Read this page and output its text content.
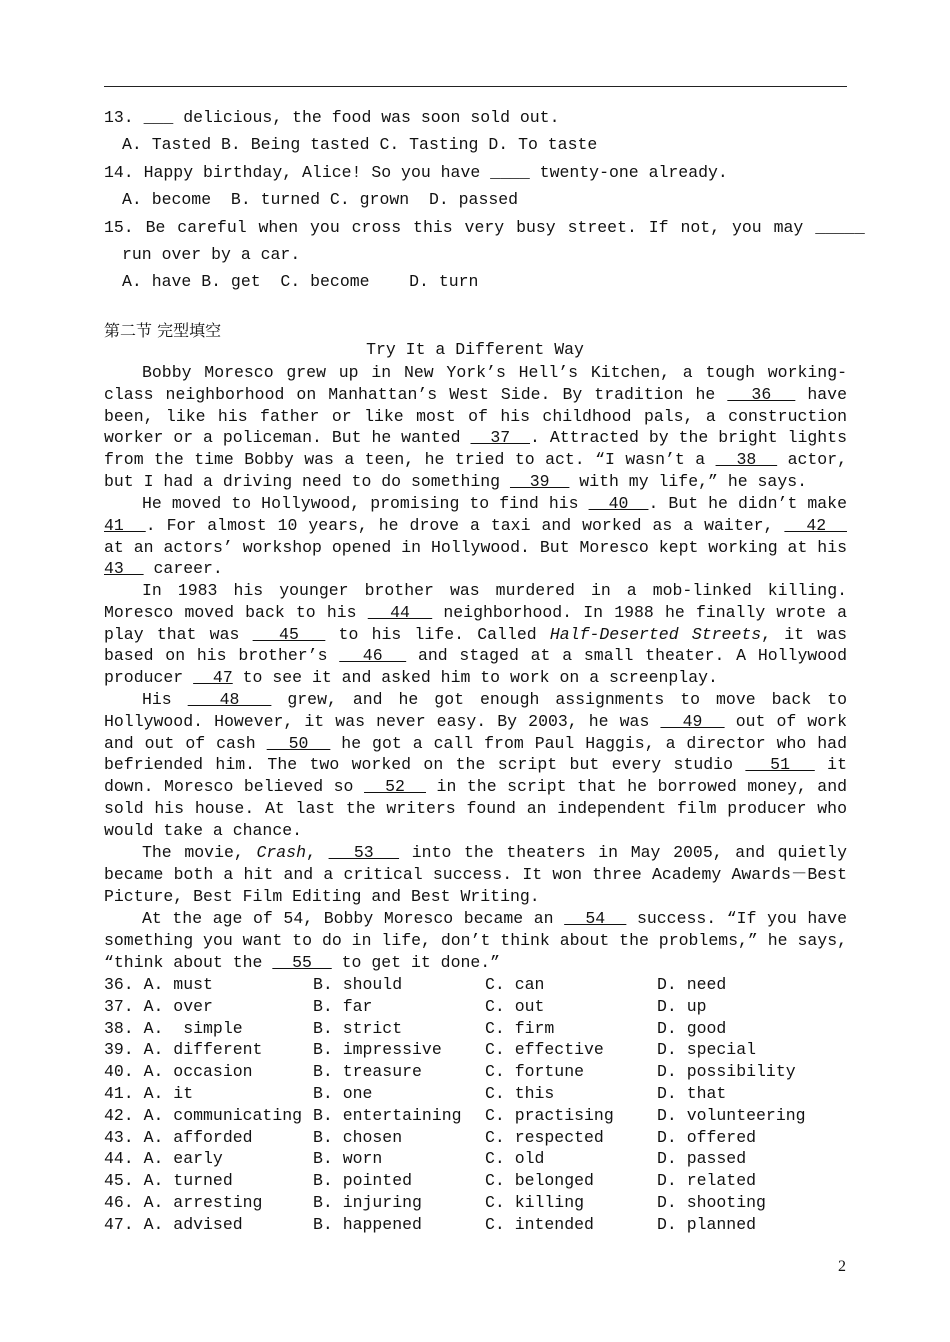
13. ___ delicious, the food was soon sold out.
A. Tasted B. Being tasted C. Tasting D. To taste
14. Happy birthday, Alice! So you have ____ twenty-one already.
A. become  B. turned C. grown  D. passed
15. Be careful when you cross this very busy street. If not, you may _____
run over by a car.
A. have B. get  C. become    D. turn
第二节 完型填空
Try It a Different Way
Bobby Moresco grew up in New York’s Hell’s Kitchen, a tough working-class neighborhood on Manhattan’s West Side. By tradition he   36   have been, like his father or like most of his childhood pals, a construction worker or a policeman. But he wanted   37  . Attracted by the bright lights from the time Bobby was a teen, he tried to act. “I wasn’t a   38   actor, but I had a driving need to do something   39   with my life,” he says.
He moved to Hollywood, promising to find his   40  . But he didn’t make 41  . For almost 10 years, he drove a taxi and worked as a waiter,   42   at an actors’ workshop opened in Hollywood. But Moresco kept working at his 43   career.
In 1983 his younger brother was murdered in a mob-linked killing. Moresco moved back to his   44   neighborhood. In 1988 he finally wrote a play that was   45   to his life. Called Half-Deserted Streets, it was based on his brother’s   46   and staged at a small theater. A Hollywood producer   47 to see it and asked him to work on a screenplay.
His   48   grew, and he got enough assignments to move back to Hollywood. However, it was never easy. By 2003, he was   49   out of work and out of cash   50   he got a call from Paul Haggis, a director who had befriended him. The two worked on the script but every studio   51   it down. Moresco believed so   52   in the script that he borrowed money, and sold his house. At last the writers found an independent film producer who would take a chance.
The movie, Crash,   53   into the theaters in May 2005, and quietly became both a hit and a critical success. It won three Academy Awards－Best Picture, Best Film Editing and Best Writing.
At the age of 54, Bobby Moresco became an   54   success. “If you have something you want to do in life, don’t think about the problems,” he says, “think about the   55   to get it done.”
36. A. must	B. should	C. can	D. need
37. A. over	B. far	C. out	D. up
38. A.  simple	B. strict	C. firm	D. good
39. A. different	B. impressive	C. effective	D. special
40. A. occasion	B. treasure	C. fortune	D. possibility
41. A. it	B. one	C. this	D. that
42. A. communicating B. entertaining C. practising	D. volunteering
43. A. afforded	B. chosen	C. respected	D. offered
44. A. early	B. worn	C. old	D. passed
45. A. turned	B. pointed	C. belonged	D. related
46. A. arresting	B. injuring	C. killing	D. shooting
47. A. advised	B. happened	C. intended	D. planned
2
